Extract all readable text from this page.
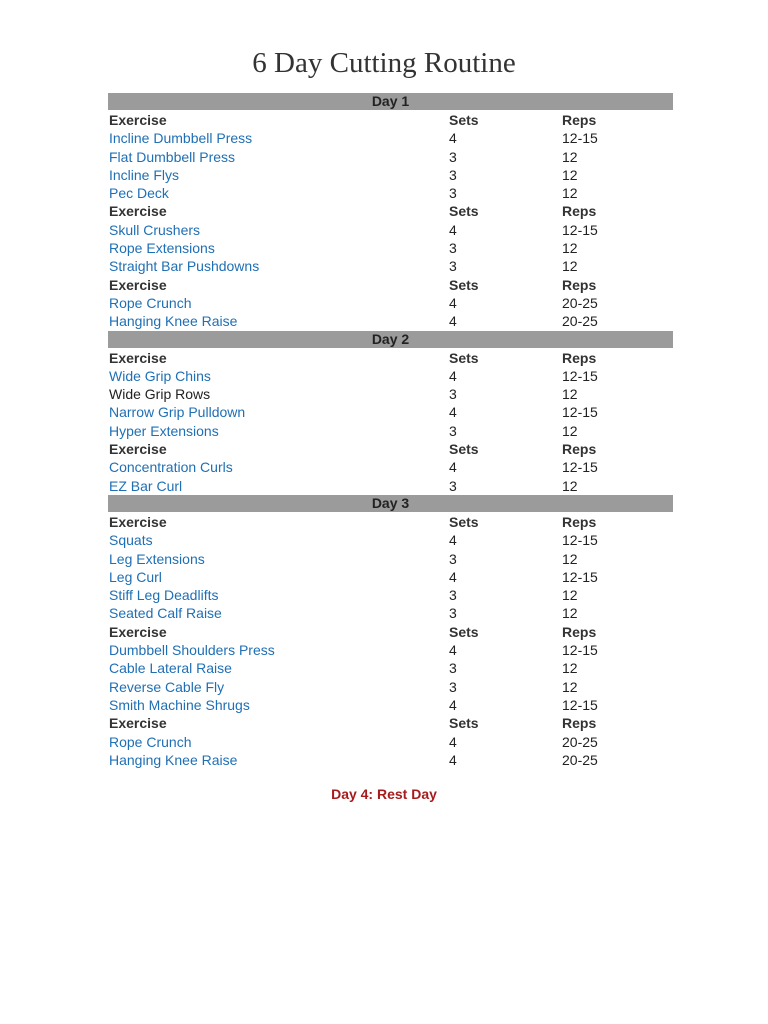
6 Day Cutting Routine
Day 1
Exercise	Sets	Reps
Incline Dumbbell Press	4	12-15
Flat Dumbbell Press	3	12
Incline Flys	3	12
Pec Deck	3	12
Exercise	Sets	Reps
Skull Crushers	4	12-15
Rope Extensions	3	12
Straight Bar Pushdowns	3	12
Exercise	Sets	Reps
Rope Crunch	4	20-25
Hanging Knee Raise	4	20-25
Day 2
Exercise	Sets	Reps
Wide Grip Chins	4	12-15
Wide Grip Rows	3	12
Narrow Grip Pulldown	4	12-15
Hyper Extensions	3	12
Exercise	Sets	Reps
Concentration Curls	4	12-15
EZ Bar Curl	3	12
Day 3
Exercise	Sets	Reps
Squats	4	12-15
Leg Extensions	3	12
Leg Curl	4	12-15
Stiff Leg Deadlifts	3	12
Seated Calf Raise	3	12
Exercise	Sets	Reps
Dumbbell Shoulders Press	4	12-15
Cable Lateral Raise	3	12
Reverse Cable Fly	3	12
Smith Machine Shrugs	4	12-15
Exercise	Sets	Reps
Rope Crunch	4	20-25
Hanging Knee Raise	4	20-25
Day 4: Rest Day
